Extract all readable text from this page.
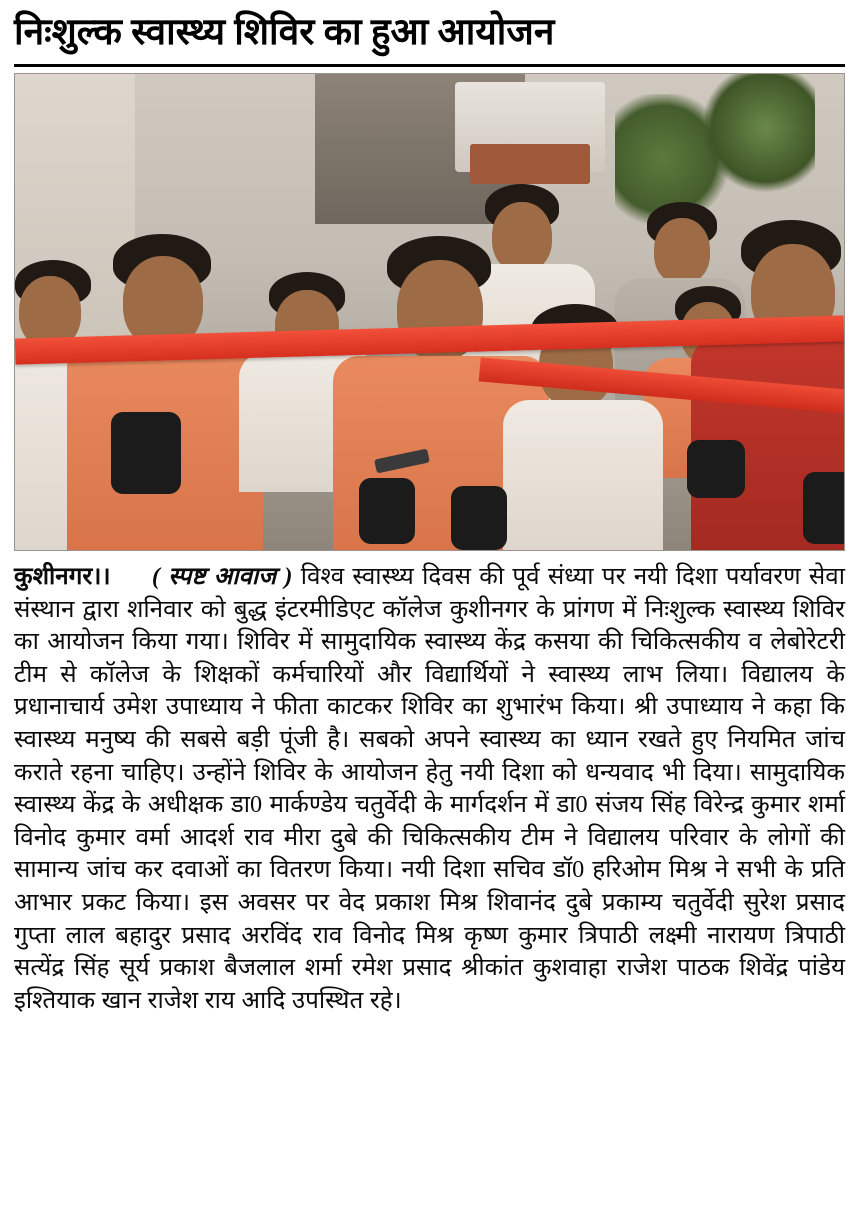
निःशुल्क स्वास्थ्य शिविर का हुआ आयोजन
कुशीनगर।। ( स्पष्ट आवाज ) विश्व स्वास्थ्य दिवस की पूर्व संध्या पर नयी दिशा पर्यावरण सेवा संस्थान द्वारा शनिवार को बुद्ध इंटरमीडिएट कॉलेज कुशीनगर के प्रांगण में निःशुल्क स्वास्थ्य शिविर का आयोजन किया गया। शिविर में सामुदायिक स्वास्थ्य केंद्र कसया की चिकित्सकीय व लेबोरेटरी टीम से कॉलेज के शिक्षकों कर्मचारियों और विद्यार्थियों ने स्वास्थ्य लाभ लिया। विद्यालय के प्रधानाचार्य उमेश उपाध्याय ने फीता काटकर शिविर का शुभारंभ किया। श्री उपाध्याय ने कहा कि स्वास्थ्य मनुष्य की सबसे बड़ी पूंजी है। सबको अपने स्वास्थ्य का ध्यान रखते हुए नियमित जांच कराते रहना चाहिए। उन्होंने शिविर के आयोजन हेतु नयी दिशा को धन्यवाद भी दिया। सामुदायिक स्वास्थ्य केंद्र के अधीक्षक डा0 मार्कण्डेय चतुर्वेदी के मार्गदर्शन में डा0 संजय सिंह विरेन्द्र कुमार शर्मा विनोद कुमार वर्मा आदर्श राव मीरा दुबे की चिकित्सकीय टीम ने विद्यालय परिवार के लोगों की सामान्य जांच कर दवाओं का वितरण किया। नयी दिशा सचिव डॉ0 हरिओम मिश्र ने सभी के प्रति आभार प्रकट किया। इस अवसर पर वेद प्रकाश मिश्र शिवानंद दुबे प्रकाम्य चतुर्वेदी सुरेश प्रसाद गुप्ता लाल बहादुर प्रसाद अरविंद राव विनोद मिश्र कृष्ण कुमार त्रिपाठी लक्ष्मी नारायण त्रिपाठी सत्येंद्र सिंह सूर्य प्रकाश बैजलाल शर्मा रमेश प्रसाद श्रीकांत कुशवाहा राजेश पाठक शिवेंद्र पांडेय इश्तियाक खान राजेश राय आदि उपस्थित रहे।
